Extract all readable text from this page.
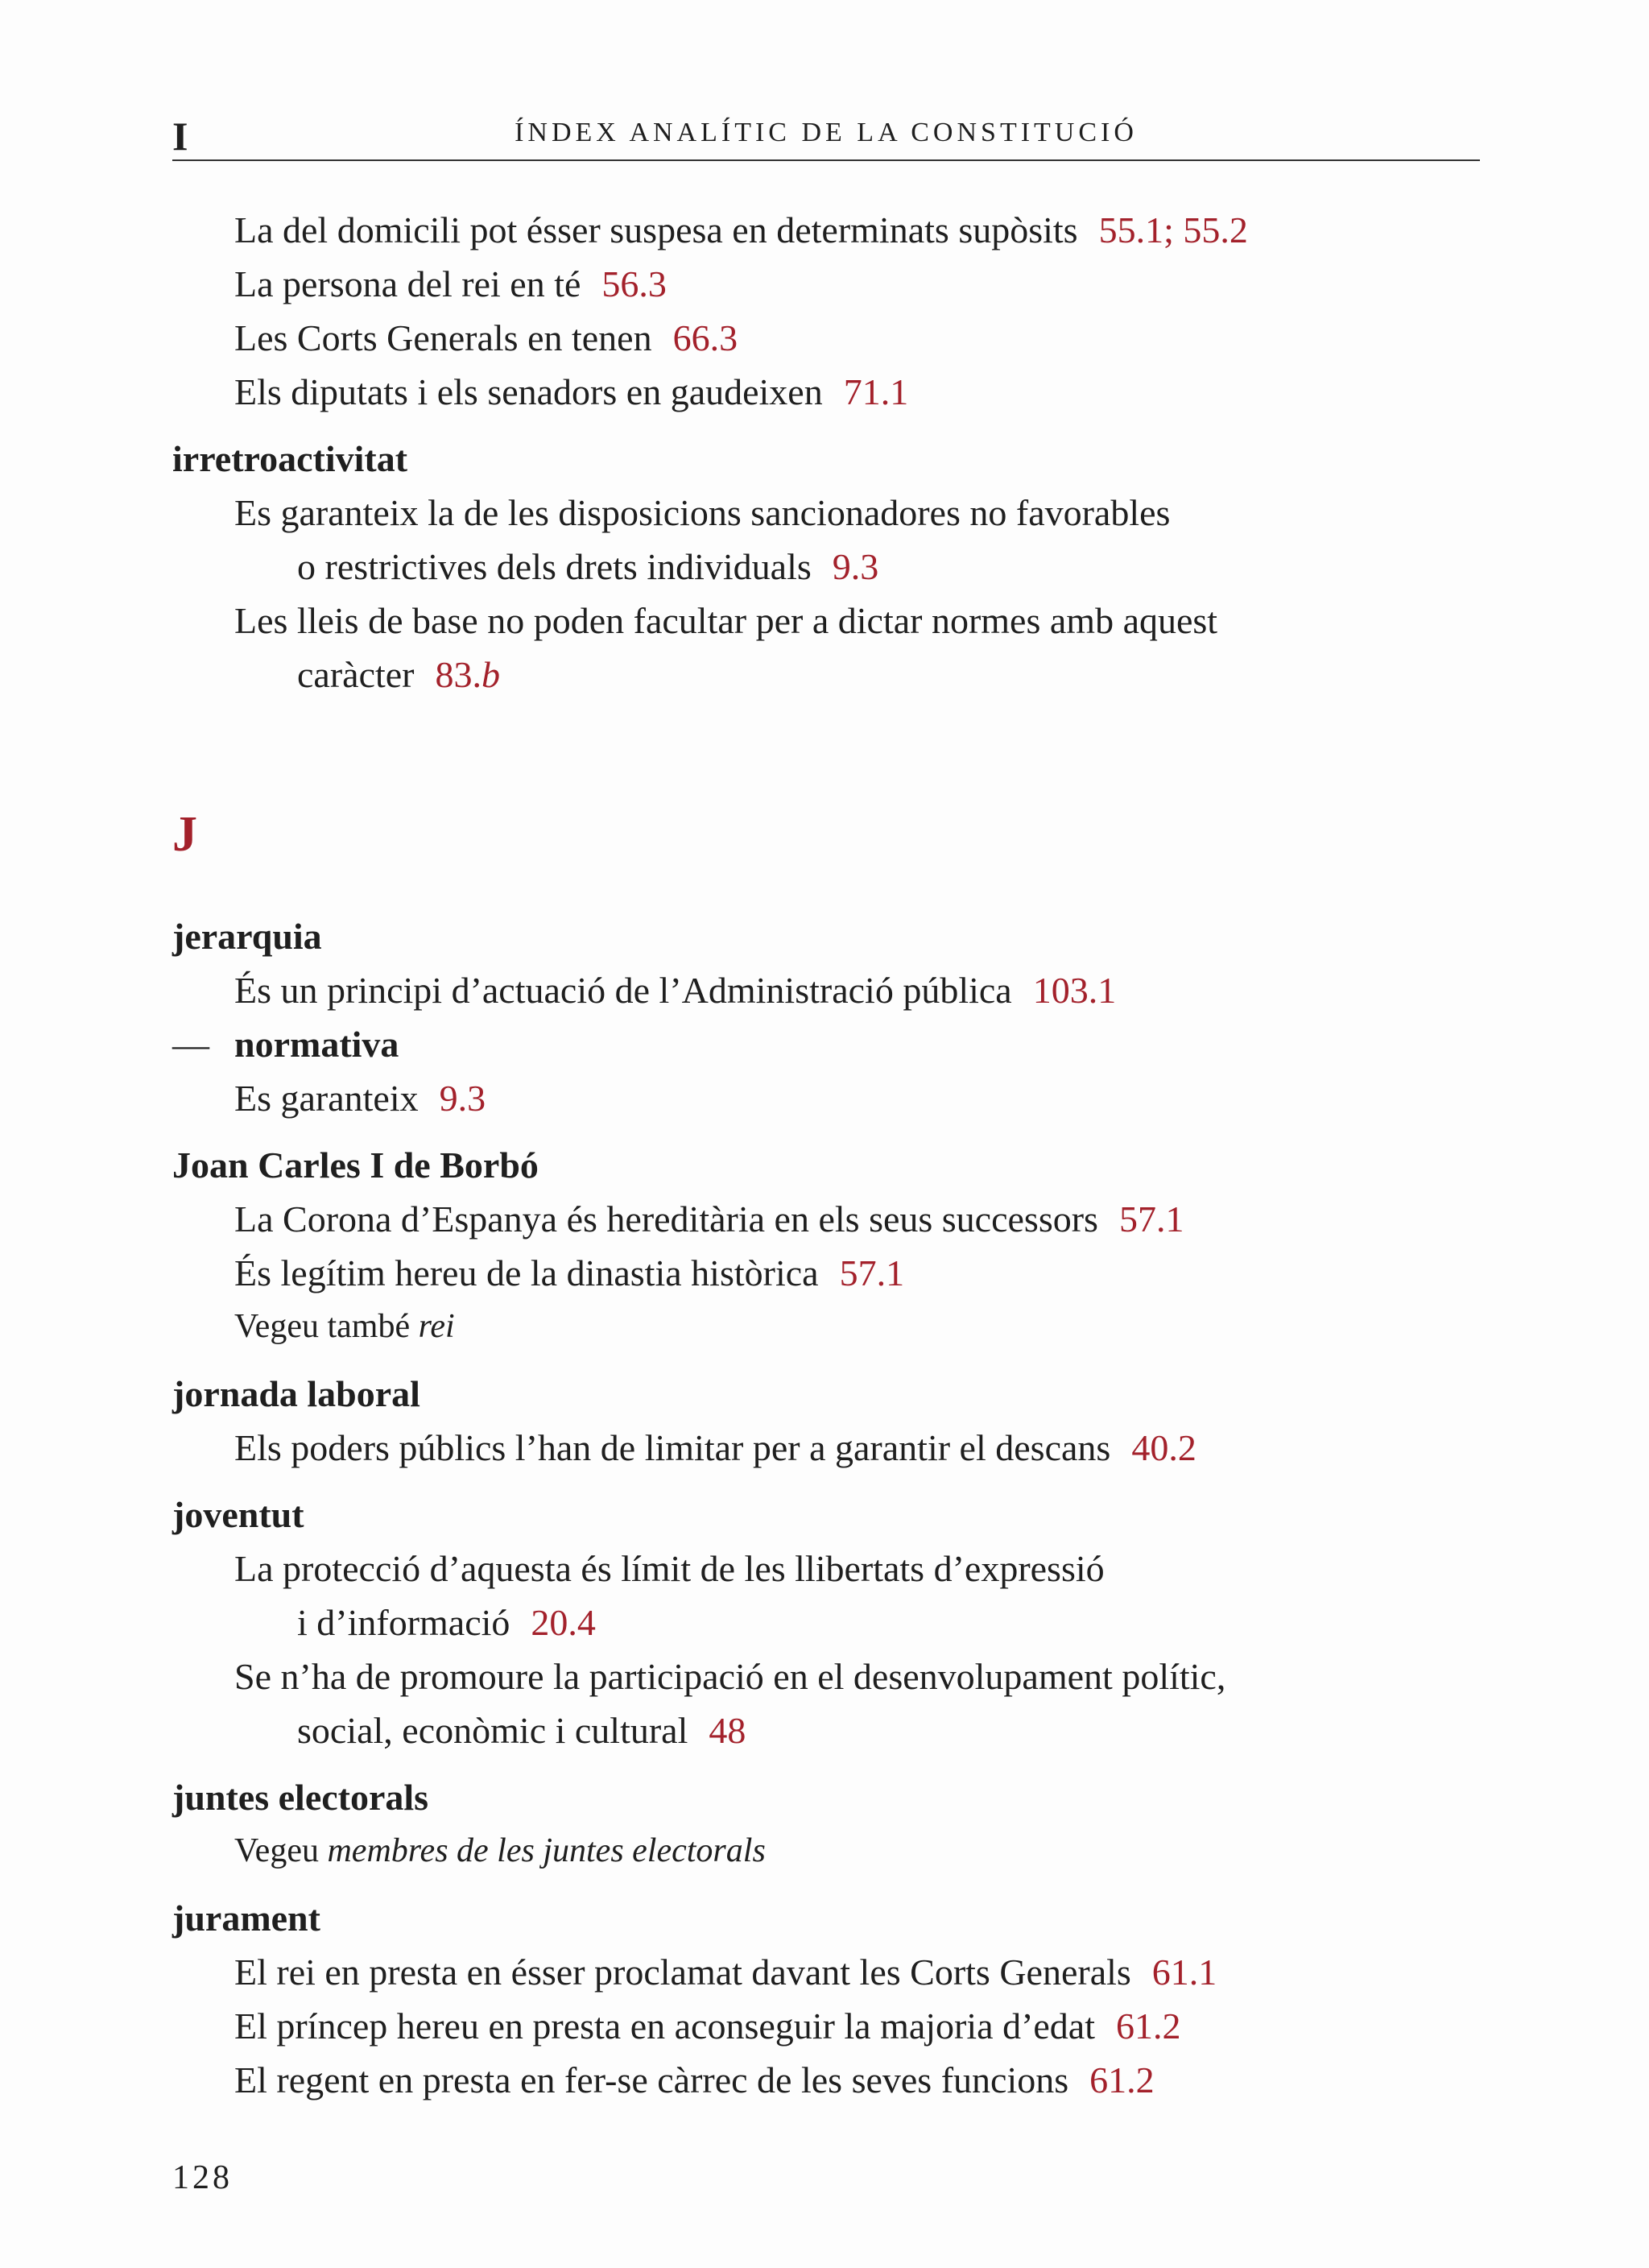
I	ÍNDEX ANALÍTIC DE LA CONSTITUCIÓ
La del domicili pot ésser suspesa en determinats supòsits 55.1; 55.2
La persona del rei en té 56.3
Les Corts Generals en tenen 66.3
Els diputats i els senadors en gaudeixen 71.1
irretroactivitat
Es garanteix la de les disposicions sancionadores no favorables
o restrictives dels drets individuals 9.3
Les lleis de base no poden facultar per a dictar normes amb aquest
caràcter 83.b
J
jerarquia
És un principi d’actuació de l’Administració pública 103.1
— normativa
Es garanteix 9.3
Joan Carles I de Borbó
La Corona d’Espanya és hereditària en els seus successors 57.1
És legítim hereu de la dinastia històrica 57.1
Vegeu també rei
jornada laboral
Els poders públics l’han de limitar per a garantir el descans 40.2
joventut
La protecció d’aquesta és límit de les llibertats d’expressió
i d’informació 20.4
Se n’ha de promoure la participació en el desenvolupament polític,
social, econòmic i cultural 48
juntes electorals
Vegeu membres de les juntes electorals
jurament
El rei en presta en ésser proclamat davant les Corts Generals 61.1
El príncep hereu en presta en aconseguir la majoria d’edat 61.2
El regent en presta en fer-se càrrec de les seves funcions 61.2
128
